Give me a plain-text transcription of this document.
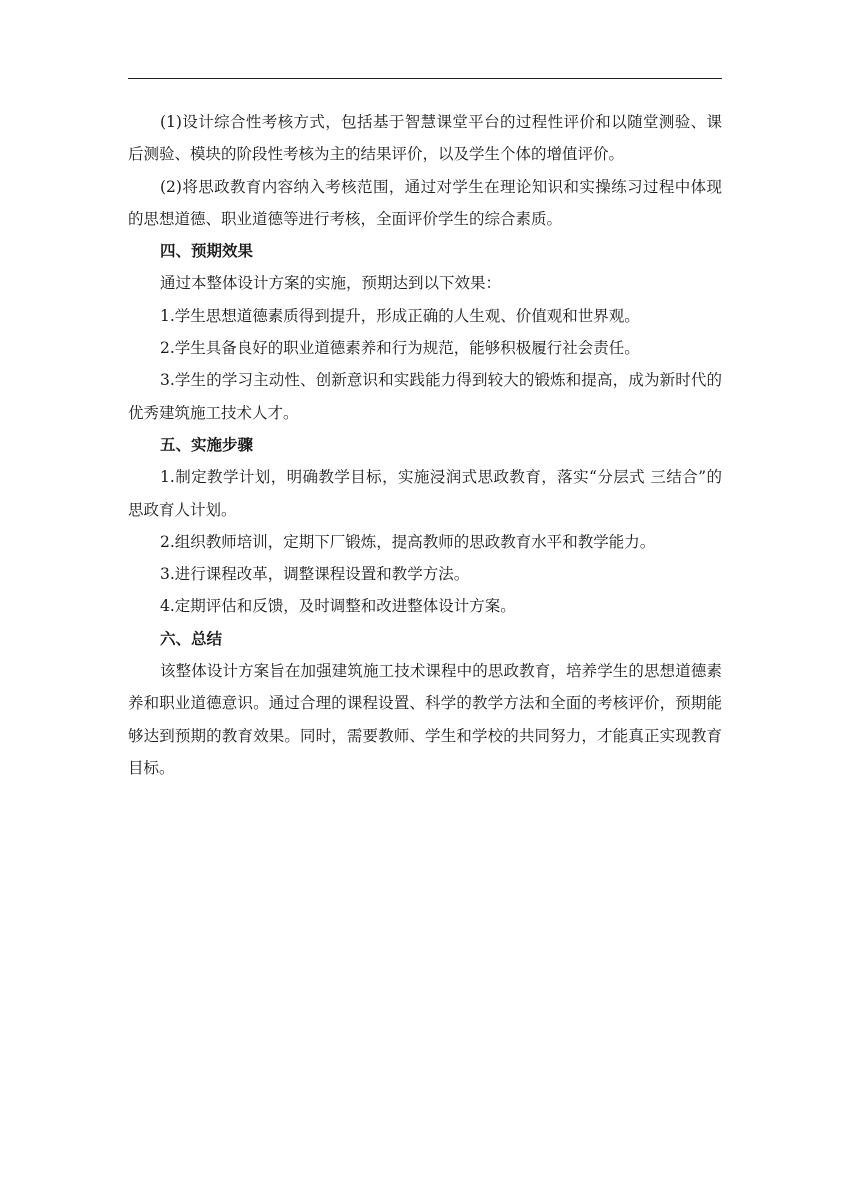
(1)设计综合性考核方式，包括基于智慧课堂平台的过程性评价和以随堂测验、课后测验、模块的阶段性考核为主的结果评价，以及学生个体的增值评价。

(2)将思政教育内容纳入考核范围，通过对学生在理论知识和实操练习过程中体现的思想道德、职业道德等进行考核，全面评价学生的综合素质。

四、预期效果

通过本整体设计方案的实施，预期达到以下效果：

1.学生思想道德素质得到提升，形成正确的人生观、价值观和世界观。

2.学生具备良好的职业道德素养和行为规范，能够积极履行社会责任。

3.学生的学习主动性、创新意识和实践能力得到较大的锻炼和提高，成为新时代的优秀建筑施工技术人才。

五、实施步骤

1.制定教学计划，明确教学目标，实施浸润式思政教育，落实“分层式 三结合”的思政育人计划。

2.组织教师培训，定期下厂锻炼，提高教师的思政教育水平和教学能力。

3.进行课程改革，调整课程设置和教学方法。

4.定期评估和反馈，及时调整和改进整体设计方案。

六、总结

该整体设计方案旨在加强建筑施工技术课程中的思政教育，培养学生的思想道德素养和职业道德意识。通过合理的课程设置、科学的教学方法和全面的考核评价，预期能够达到预期的教育效果。同时，需要教师、学生和学校的共同努力，才能真正实现教育目标。
